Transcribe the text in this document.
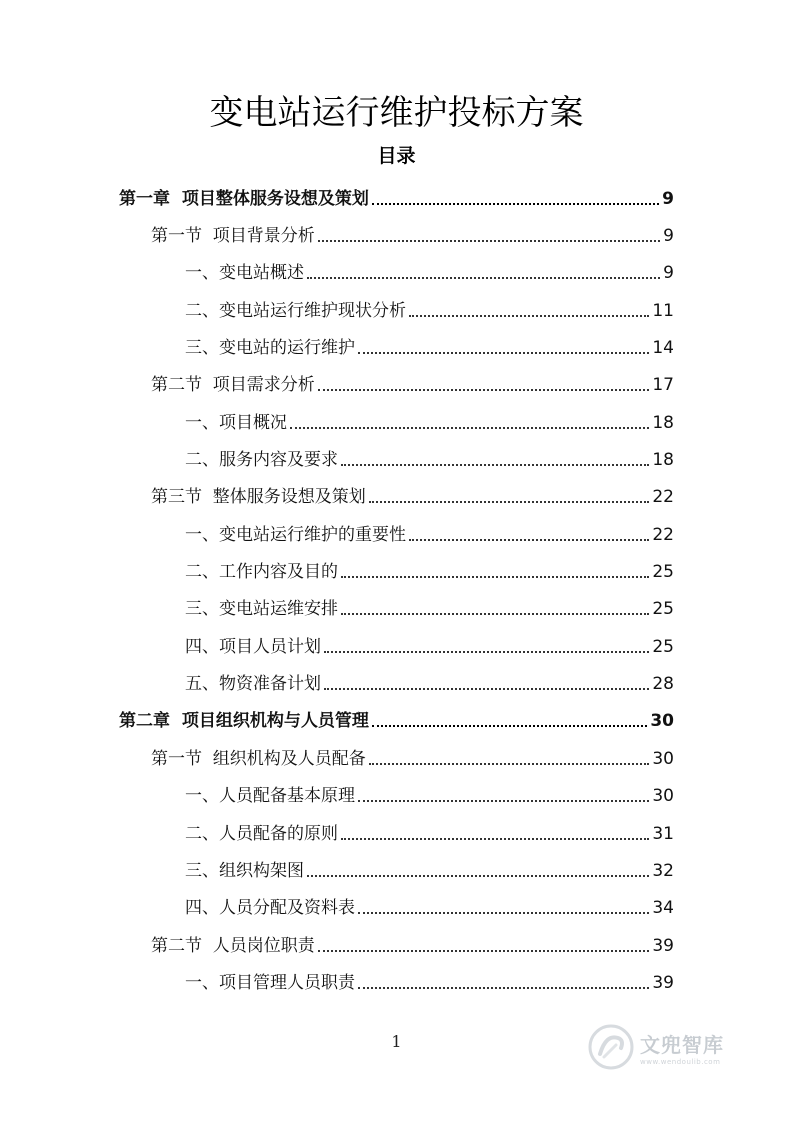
变电站运行维护投标方案
目录
第一章  项目整体服务设想及策划	9
第一节  项目背景分析	9
一、变电站概述	9
二、变电站运行维护现状分析	11
三、变电站的运行维护	14
第二节  项目需求分析	17
一、项目概况	18
二、服务内容及要求	18
第三节  整体服务设想及策划	22
一、变电站运行维护的重要性	22
二、工作内容及目的	25
三、变电站运维安排	25
四、项目人员计划	25
五、物资准备计划	28
第二章  项目组织机构与人员管理	30
第一节  组织机构及人员配备	30
一、人员配备基本原理	30
二、人员配备的原则	31
三、组织构架图	32
四、人员分配及资料表	34
第二节  人员岗位职责	39
一、项目管理人员职责	39
1	文兜智库
www.wendoulib.com
